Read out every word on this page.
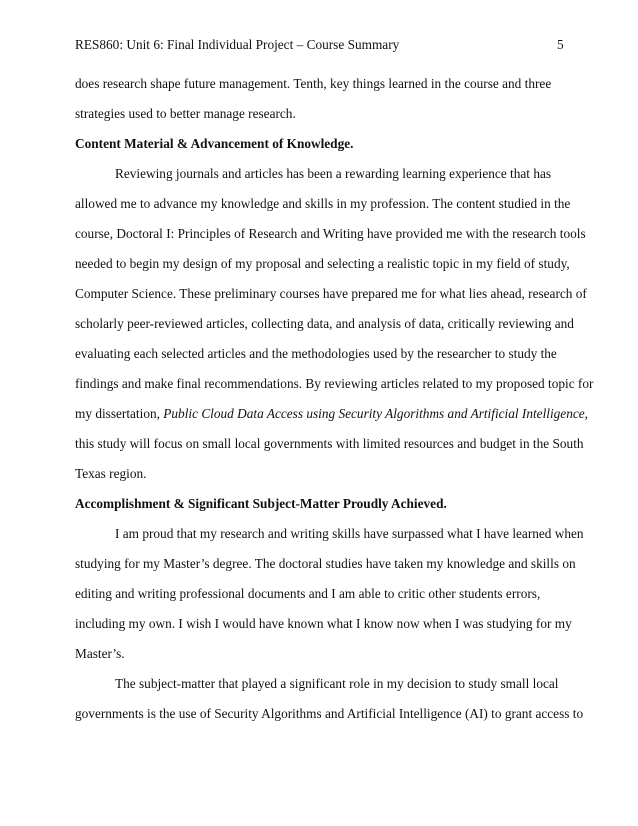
RES860: Unit 6: Final Individual Project – Course Summary	5
does research shape future management. Tenth, key things learned in the course and three
strategies used to better manage research.
Content Material & Advancement of Knowledge.
Reviewing journals and articles has been a rewarding learning experience that has
allowed me to advance my knowledge and skills in my profession. The content studied in the
course, Doctoral I: Principles of Research and Writing have provided me with the research tools
needed to begin my design of my proposal and selecting a realistic topic in my field of study,
Computer Science. These preliminary courses have prepared me for what lies ahead, research of
scholarly peer-reviewed articles, collecting data, and analysis of data, critically reviewing and
evaluating each selected articles and the methodologies used by the researcher to study the
findings and make final recommendations. By reviewing articles related to my proposed topic for
my dissertation, Public Cloud Data Access using Security Algorithms and Artificial Intelligence,
this study will focus on small local governments with limited resources and budget in the South
Texas region.
Accomplishment & Significant Subject-Matter Proudly Achieved.
I am proud that my research and writing skills have surpassed what I have learned when
studying for my Master’s degree. The doctoral studies have taken my knowledge and skills on
editing and writing professional documents and I am able to critic other students errors,
including my own. I wish I would have known what I know now when I was studying for my
Master’s.
The subject-matter that played a significant role in my decision to study small local
governments is the use of Security Algorithms and Artificial Intelligence (AI) to grant access to
